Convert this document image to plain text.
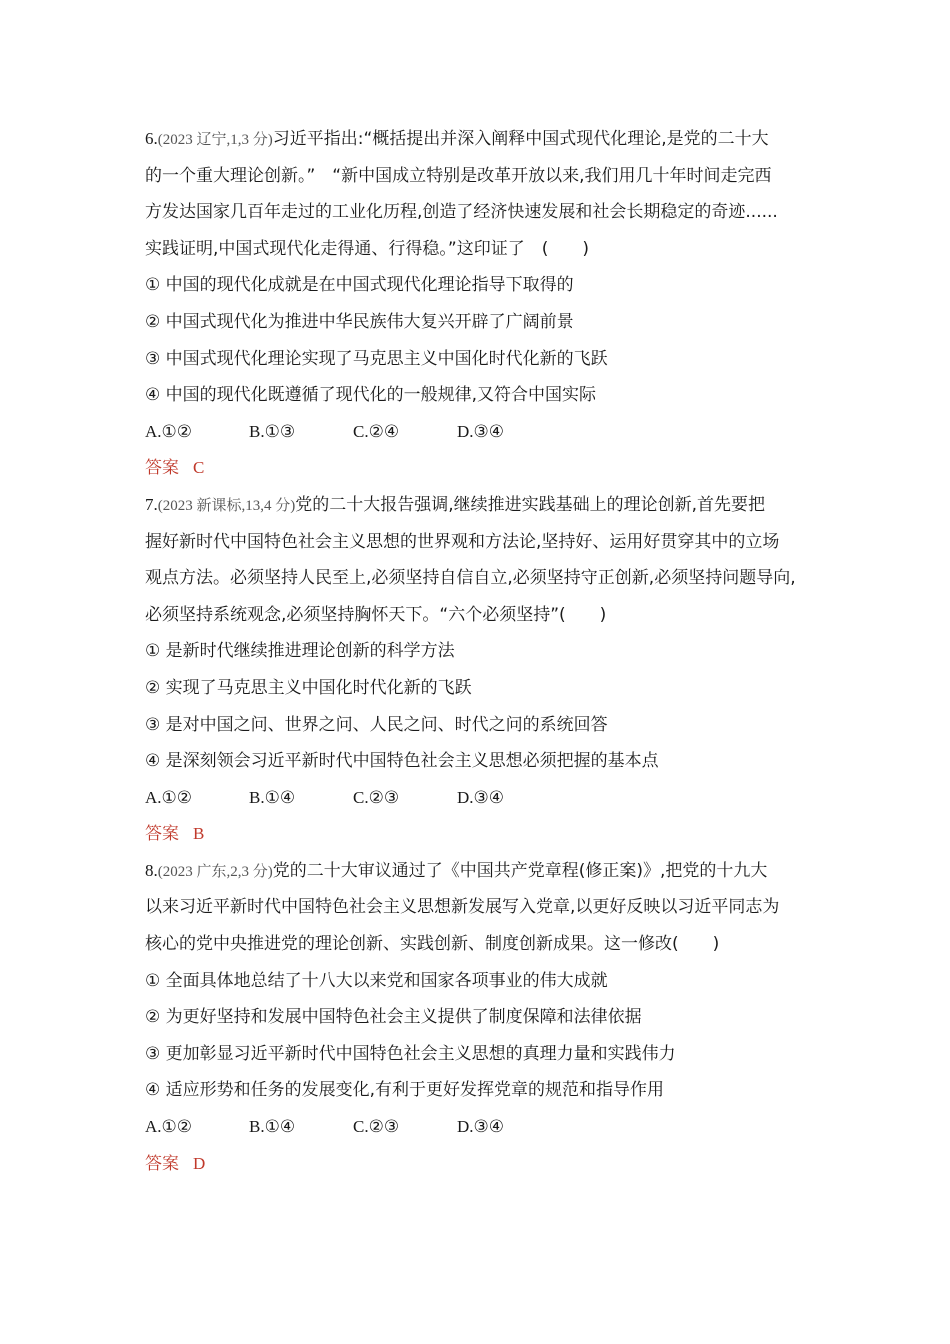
6.(2023 辽宁,1,3 分)习近平指出:“概括提出并深入阐释中国式现代化理论,是党的二十大
的一个重大理论创新。”　“新中国成立特别是改革开放以来,我们用几十年时间走完西
方发达国家几百年走过的工业化历程,创造了经济快速发展和社会长期稳定的奇迹......
实践证明,中国式现代化走得通、行得稳。”这印证了　(　　)
① 中国的现代化成就是在中国式现代化理论指导下取得的
② 中国式现代化为推进中华民族伟大复兴开辟了广阔前景
③ 中国式现代化理论实现了马克思主义中国化时代化新的飞跃
④ 中国的现代化既遵循了现代化的一般规律,又符合中国实际
A.①②	B.①③	C.②④	D.③④
答案 C
7.(2023 新课标,13,4 分)党的二十大报告强调,继续推进实践基础上的理论创新,首先要把
握好新时代中国特色社会主义思想的世界观和方法论,坚持好、运用好贯穿其中的立场
观点方法。必须坚持人民至上,必须坚持自信自立,必须坚持守正创新,必须坚持问题导向,
必须坚持系统观念,必须坚持胸怀天下。“六个必须坚持”(　　)
① 是新时代继续推进理论创新的科学方法
② 实现了马克思主义中国化时代化新的飞跃
③ 是对中国之问、世界之问、人民之问、时代之问的系统回答
④ 是深刻领会习近平新时代中国特色社会主义思想必须把握的基本点
A.①②	B.①④	C.②③	D.③④
答案 B
8.(2023 广东,2,3 分)党的二十大审议通过了《中国共产党章程(修正案)》,把党的十九大
以来习近平新时代中国特色社会主义思想新发展写入党章,以更好反映以习近平同志为
核心的党中央推进党的理论创新、实践创新、制度创新成果。这一修改(　　)
① 全面具体地总结了十八大以来党和国家各项事业的伟大成就
② 为更好坚持和发展中国特色社会主义提供了制度保障和法律依据
③ 更加彰显习近平新时代中国特色社会主义思想的真理力量和实践伟力
④ 适应形势和任务的发展变化,有利于更好发挥党章的规范和指导作用
A.①②	B.①④	C.②③	D.③④
答案 D
